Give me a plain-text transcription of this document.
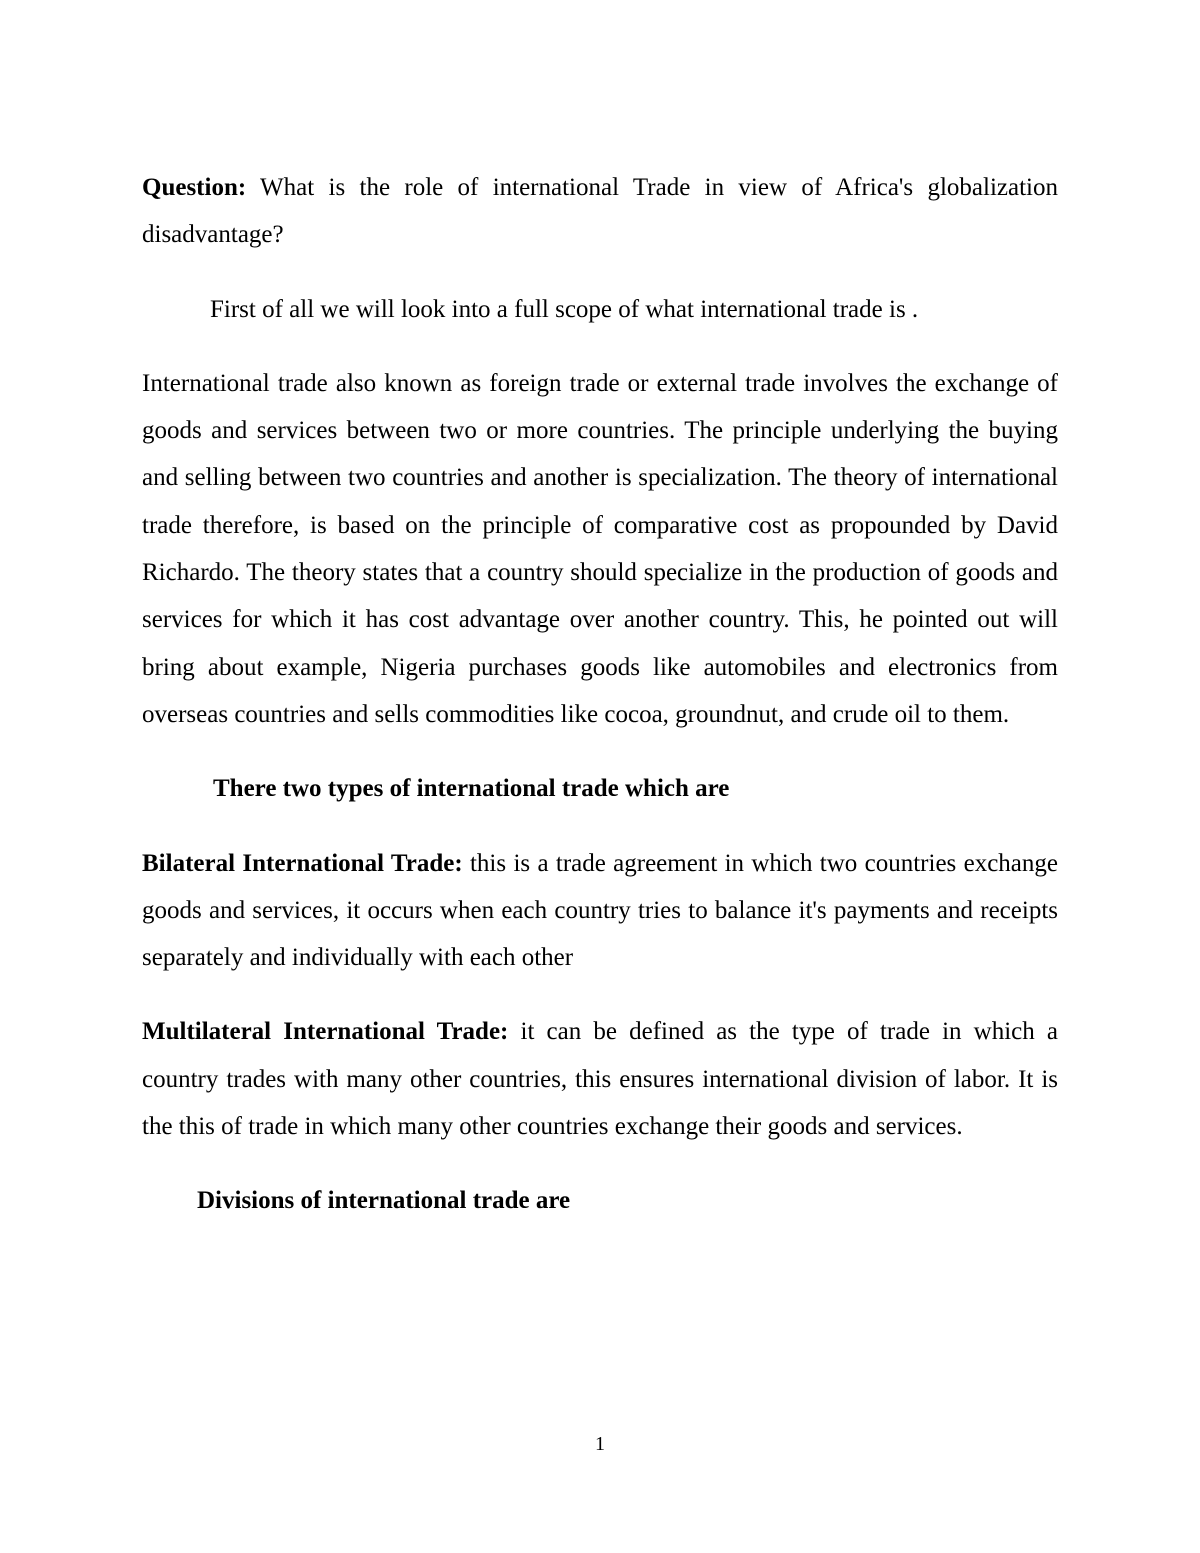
Question: What is the role of international Trade in view of Africa's globalization disadvantage?

First of all we will look into a full scope of what international trade is .

International trade also known as foreign trade or external trade involves the exchange of goods and services between two or more countries. The principle underlying the buying and selling between two countries and another is specialization. The theory of international trade therefore, is based on the principle of comparative cost as propounded by David Richardo. The theory states that a country should specialize in the production of goods and services for which it has cost advantage over another country. This, he pointed out will bring about example, Nigeria purchases goods like automobiles and electronics from overseas countries and sells commodities like cocoa, groundnut, and crude oil to them.

There two types of international trade which are

Bilateral International Trade: this is a trade agreement in which two countries exchange goods and services, it occurs when each country tries to balance it's payments and receipts separately and individually with each other

Multilateral International Trade: it can be defined as the type of trade in which a country trades with many other countries, this ensures international division of labor. It is the this of trade in which many other countries exchange their goods and services.

Divisions of international trade are

1
